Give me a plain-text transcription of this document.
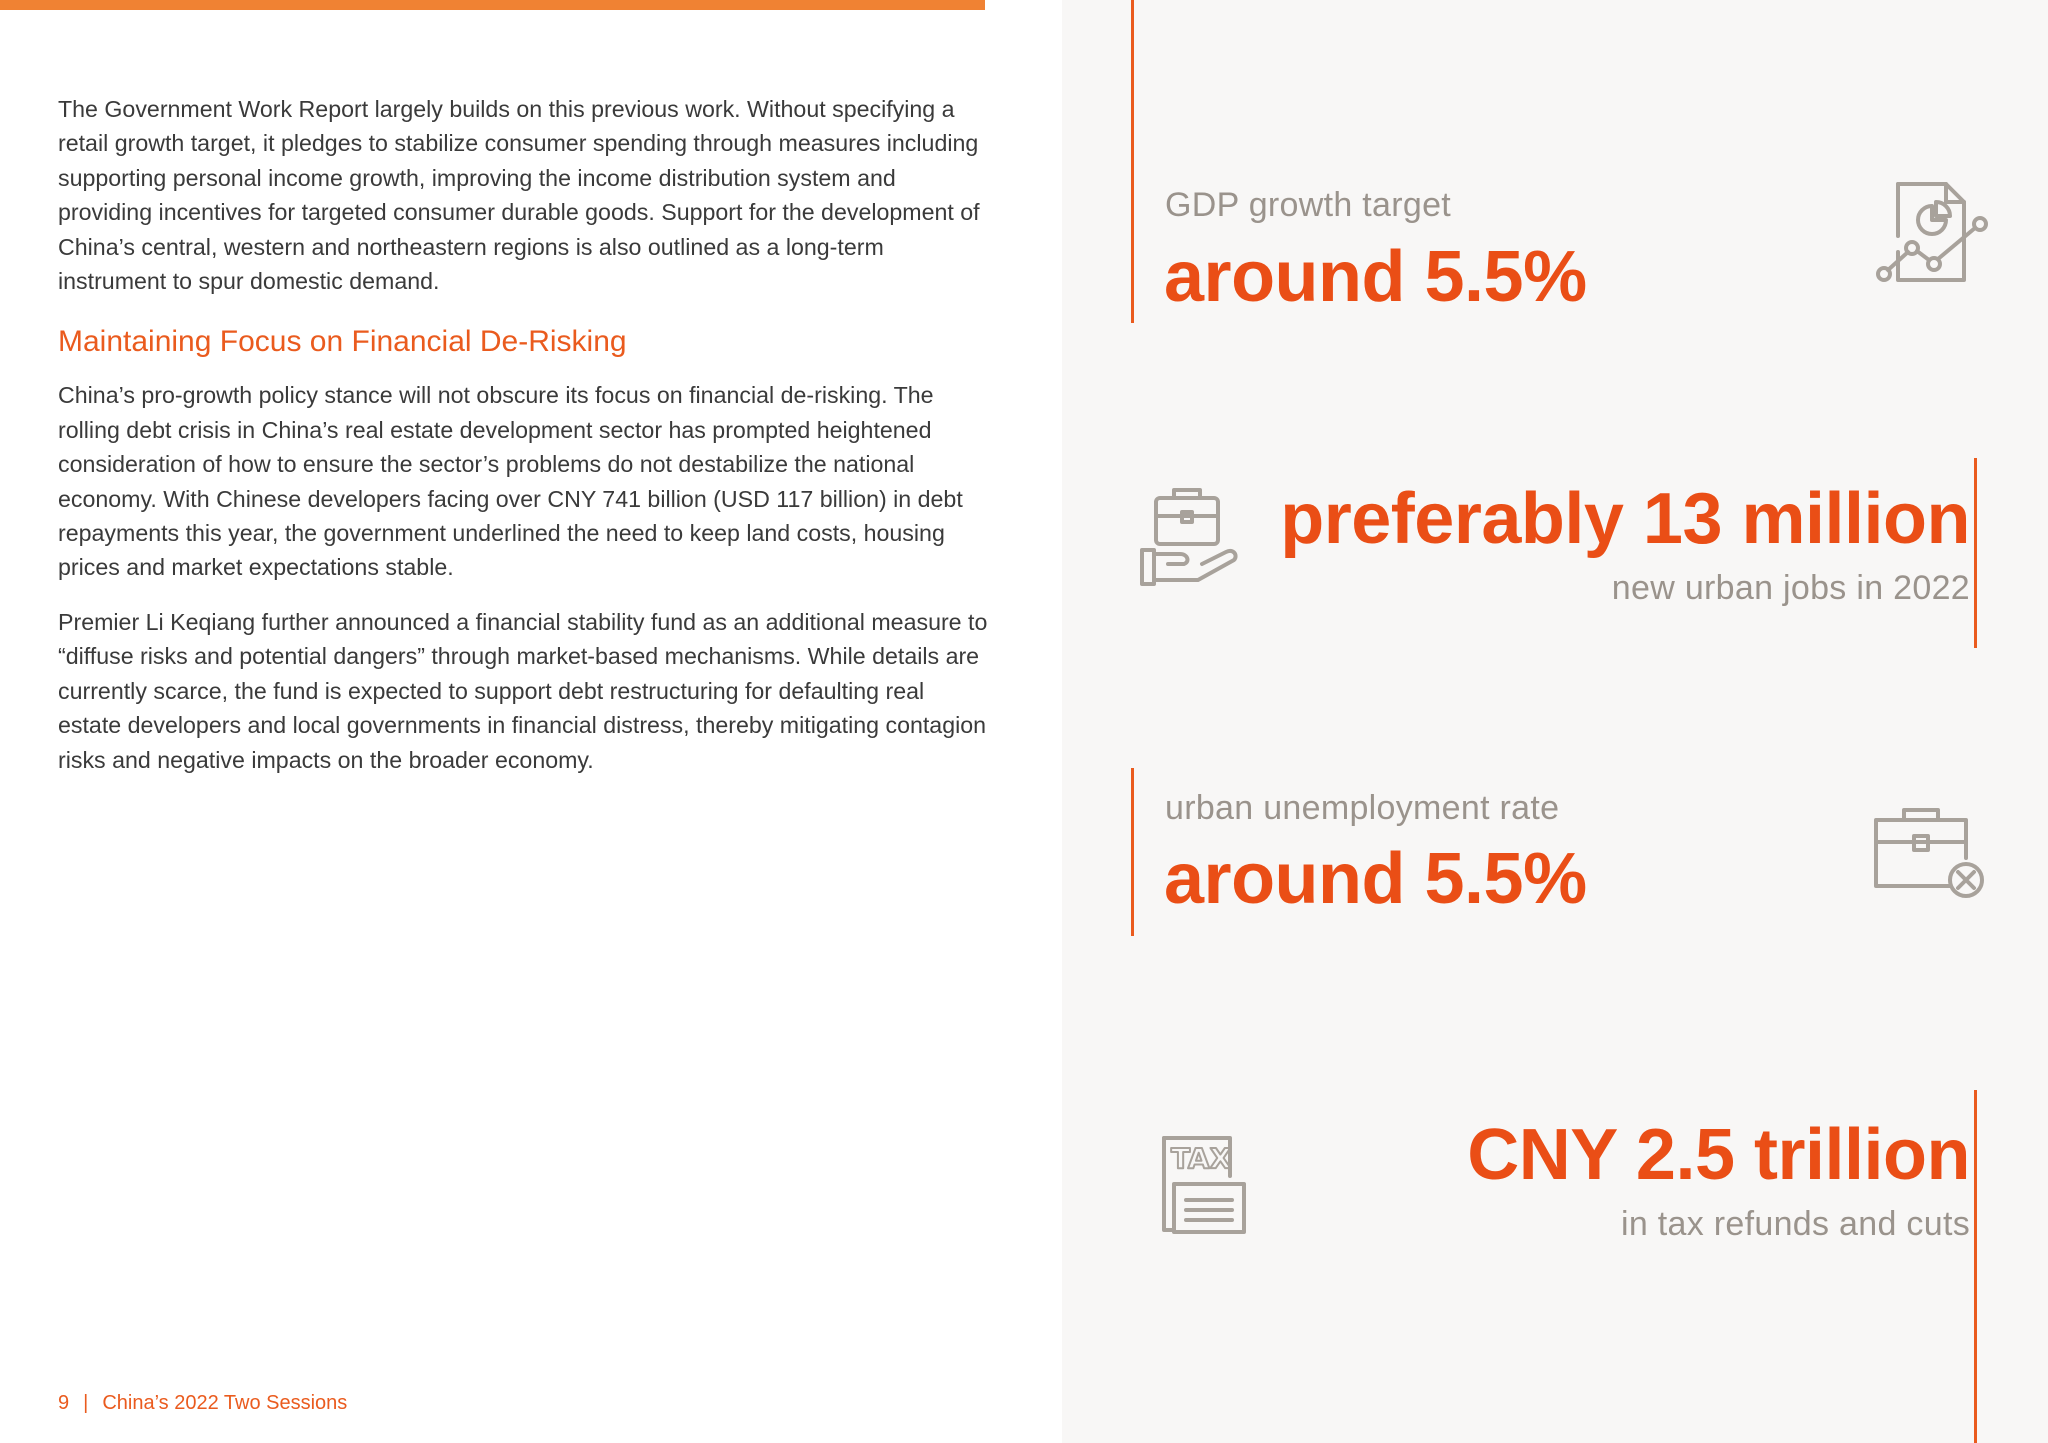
The Government Work Report largely builds on this previous work. Without specifying a retail growth target, it pledges to stabilize consumer spending through measures including supporting personal income growth, improving the income distribution system and providing incentives for targeted consumer durable goods. Support for the development of China’s central, western and northeastern regions is also outlined as a long-term instrument to spur domestic demand.

Maintaining Focus on Financial De-Risking

China’s pro-growth policy stance will not obscure its focus on financial de-risking. The rolling debt crisis in China’s real estate development sector has prompted heightened consideration of how to ensure the sector’s problems do not destabilize the national economy. With Chinese developers facing over CNY 741 billion (USD 117 billion) in debt repayments this year, the government underlined the need to keep land costs, housing prices and market expectations stable.

Premier Li Keqiang further announced a financial stability fund as an additional measure to “diffuse risks and potential dangers” through market-based mechanisms. While details are currently scarce, the fund is expected to support debt restructuring for defaulting real estate developers and local governments in financial distress, thereby mitigating contagion risks and negative impacts on the broader economy.

9 | China’s 2022 Two Sessions
GDP growth target
around 5.5%
preferably 13 million
new urban jobs in 2022
urban unemployment rate
around 5.5%
TAX	CNY 2.5 trillion
in tax refunds and cuts
